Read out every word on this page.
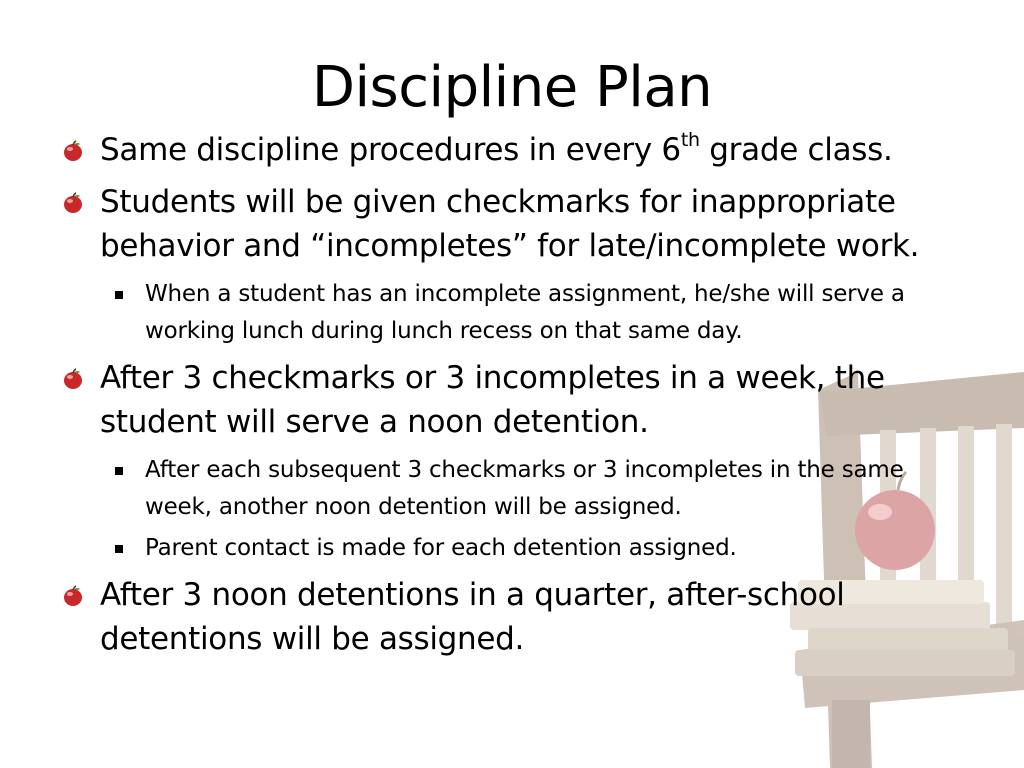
Discipline Plan
Same discipline procedures in every 6th grade class.
Students will be given checkmarks for inappropriate behavior and “incompletes” for late/incomplete work.
When a student has an incomplete assignment, he/she will serve a working lunch during lunch recess on that same day.
After 3 checkmarks or 3 incompletes in a week, the student will serve a noon detention.
After each subsequent 3 checkmarks or 3 incompletes in the same week, another noon detention will be assigned.
Parent contact is made for each detention assigned.
After 3 noon detentions in a quarter, after-school detentions will be assigned.
